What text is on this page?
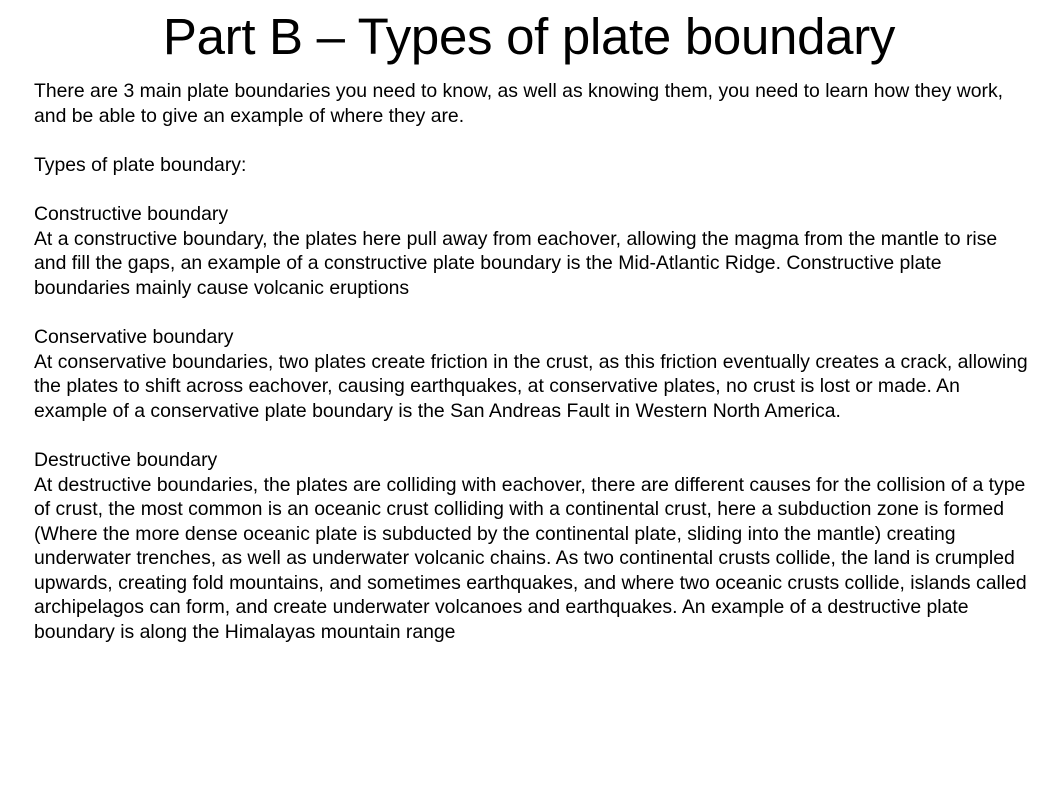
Part B – Types of plate boundary

There are 3 main plate boundaries you need to know, as well as knowing them, you need to learn how they work, and be able to give an example of where they are.

Types of plate boundary:

Constructive boundary

At a constructive boundary, the plates here pull away from eachover, allowing the magma from the mantle to rise and fill the gaps, an example of a constructive plate boundary is the Mid-Atlantic Ridge. Constructive plate boundaries mainly cause volcanic eruptions

Conservative boundary

At conservative boundaries, two plates create friction in the crust, as this friction eventually creates a crack, allowing the plates to shift across eachover, causing earthquakes, at conservative plates, no crust is lost or made. An example of a conservative plate boundary is the San Andreas Fault in Western North America.

Destructive boundary

At destructive boundaries, the plates are colliding with eachover, there are different causes for the collision of a type of crust, the most common is an oceanic crust colliding with a continental crust, here a subduction zone is formed (Where the more dense oceanic plate is subducted by the continental plate, sliding into the mantle) creating underwater trenches, as well as underwater volcanic chains. As two continental crusts collide, the land is crumpled upwards, creating fold mountains, and sometimes earthquakes, and where two oceanic crusts collide, islands called archipelagos can form, and create underwater volcanoes and earthquakes. An example of a destructive plate boundary is along the Himalayas mountain range
